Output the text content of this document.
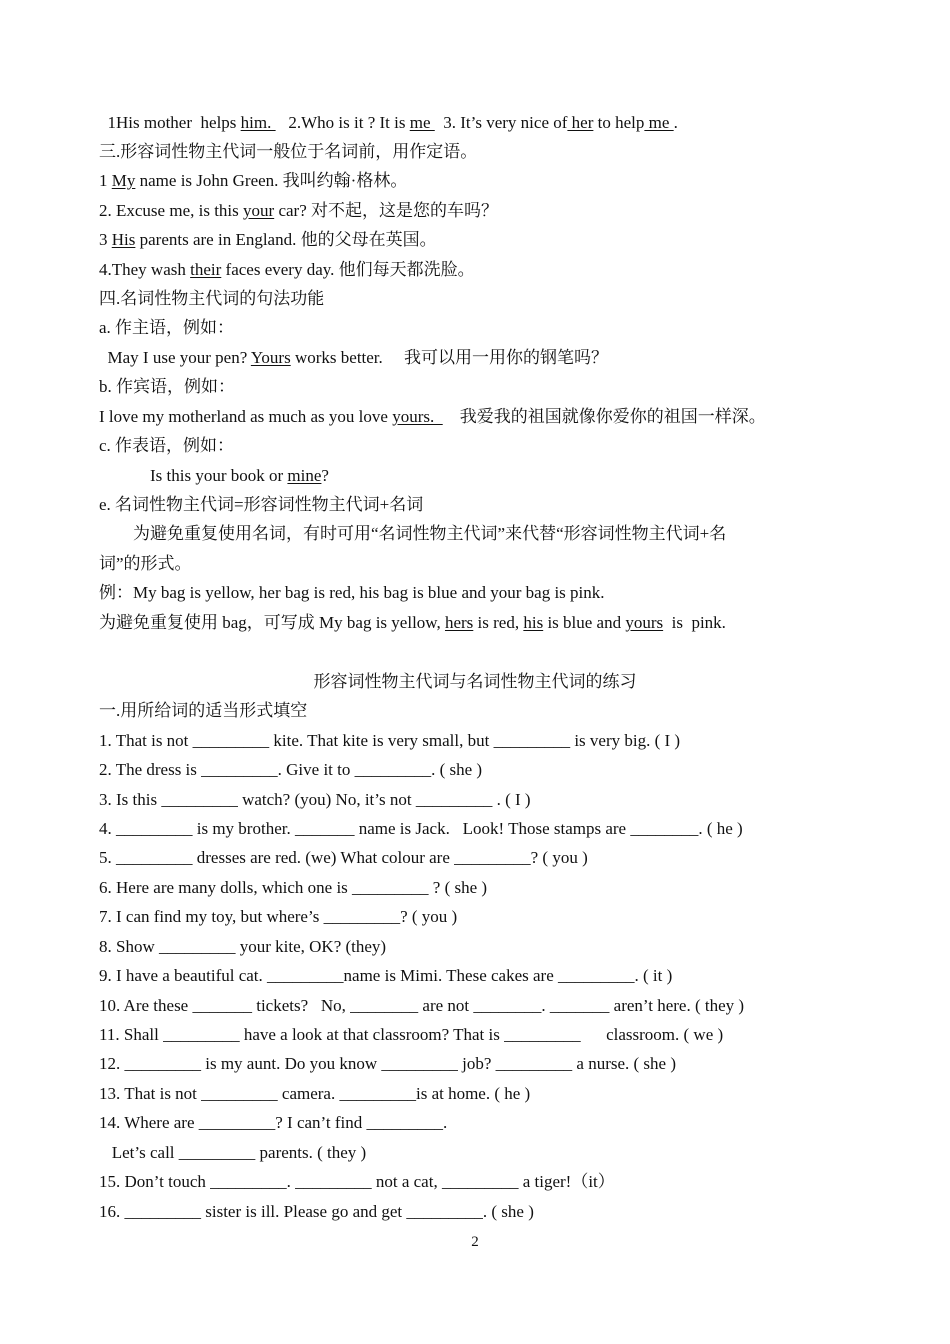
1His mother  helps him.    2.Who is it ? It is me   3. It’s very nice of her to help me .
三.形容词性物主代词一般位于名词前，用作定语。
1 My name is John Green. 我叫约翰·格林。
2. Excuse me, is this your car? 对不起，这是您的车吗？
3 His parents are in England. 他的父母在英国。
4.They wash their faces every day. 他们每天都洗脸。
四.名词性物主代词的句法功能
a. 作主语，例如：
May I use your pen? Yours works better.     我可以用一用你的钢笔吗？
b. 作宾语，例如：
I love my motherland as much as you love yours.      我爱我的祖国就像你爱你的祖国一样深。
c. 作表语，例如：
Is this your book or mine?
e. 名词性物主代词=形容词性物主代词+名词
为避免重复使用名词，有时可用“名词性物主代词”来代替“形容词性物主代词+名
词”的形式。
例：My bag is yellow, her bag is red, his bag is blue and your bag is pink.
为避免重复使用 bag，可写成 My bag is yellow, hers is red, his is blue and yours  is  pink.
形容词性物主代词与名词性物主代词的练习
一.用所给词的适当形式填空
1. That is not _________ kite. That kite is very small, but _________ is very big. ( I )
2. The dress is _________. Give it to _________. ( she )
3. Is this _________ watch? (you) No, it’s not _________ . ( I )
4. _________ is my brother. _______ name is Jack.   Look! Those stamps are ________. ( he )
5. _________ dresses are red. (we) What colour are _________? ( you )
6. Here are many dolls, which one is _________ ? ( she )
7. I can find my toy, but where’s _________? ( you )
8. Show _________ your kite, OK? (they)
9. I have a beautiful cat. _________name is Mimi. These cakes are _________. ( it )
10. Are these _______ tickets?   No, ________ are not ________. _______ aren’t here. ( they )
11. Shall _________ have a look at that classroom? That is _________      classroom. ( we )
12. _________ is my aunt. Do you know _________ job? _________ a nurse. ( she )
13. That is not _________ camera. _________is at home. ( he )
14. Where are _________? I can’t find _________.
Let’s call _________ parents. ( they )
15. Don’t touch _________. _________ not a cat, _________ a tiger!（it）
16. _________ sister is ill. Please go and get _________. ( she )
2
